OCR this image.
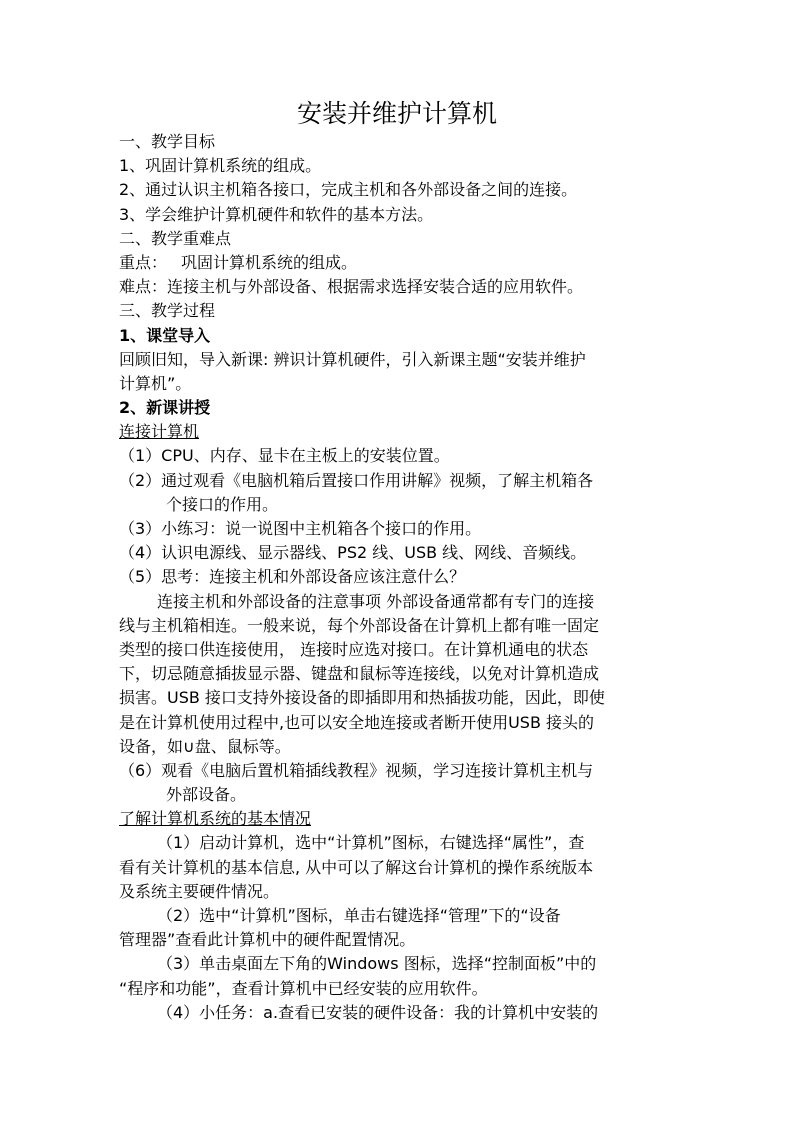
安装并维护计算机
一、教学目标
1、巩固计算机系统的组成。
2、通过认识主机箱各接口，完成主机和各外部设备之间的连接。
3、学会维护计算机硬件和软件的基本方法。
二、教学重难点
重点： 巩固计算机系统的组成。
难点：连接主机与外部设备、根据需求选择安装合适的应用软件。
三、教学过程
1、课堂导入
回顾旧知，导入新课: 辨识计算机硬件，引入新课主题“安装并维护
计算机”。
2、新课讲授
连接计算机
（1）CPU、内存、显卡在主板上的安装位置。
（2）通过观看《电脑机箱后置接口作用讲解》视频，了解主机箱各
个接口的作用。
（3）小练习：说一说图中主机箱各个接口的作用。
（4）认识电源线、显示器线、PS2 线、USB 线、网线、音频线。
（5）思考：连接主机和外部设备应该注意什么？
连接主机和外部设备的注意事项 外部设备通常都有专门的连接
线与主机箱相连。一般来说，每个外部设备在计算机上都有唯一固定
类型的接口供连接使用， 连接时应选对接口。在计算机通电的状态
下，切忌随意插拔显示器、键盘和鼠标等连接线，以免对计算机造成
损害。USB 接口支持外接设备的即插即用和热插拔功能，因此，即使
是在计算机使用过程中,也可以安全地连接或者断开使用USB 接头的
设备，如∪盘、鼠标等。
（6）观看《电脑后置机箱插线教程》视频，学习连接计算机主机与
外部设备。
了解计算机系统的基本情况
（1）启动计算机，选中“计算机”图标，右键选择“属性”，查
看有关计算机的基本信息, 从中可以了解这台计算机的操作系统版本
及系统主要硬件情况。
（2）选中“计算机”图标，单击右键选择“管理”下的“设备
管理器”查看此计算机中的硬件配置情况。
（3）单击桌面左下角的Windows 图标，选择“控制面板”中的
“程序和功能”，查看计算机中已经安装的应用软件。
（4）小任务：a.查看已安装的硬件设备：我的计算机中安装的
